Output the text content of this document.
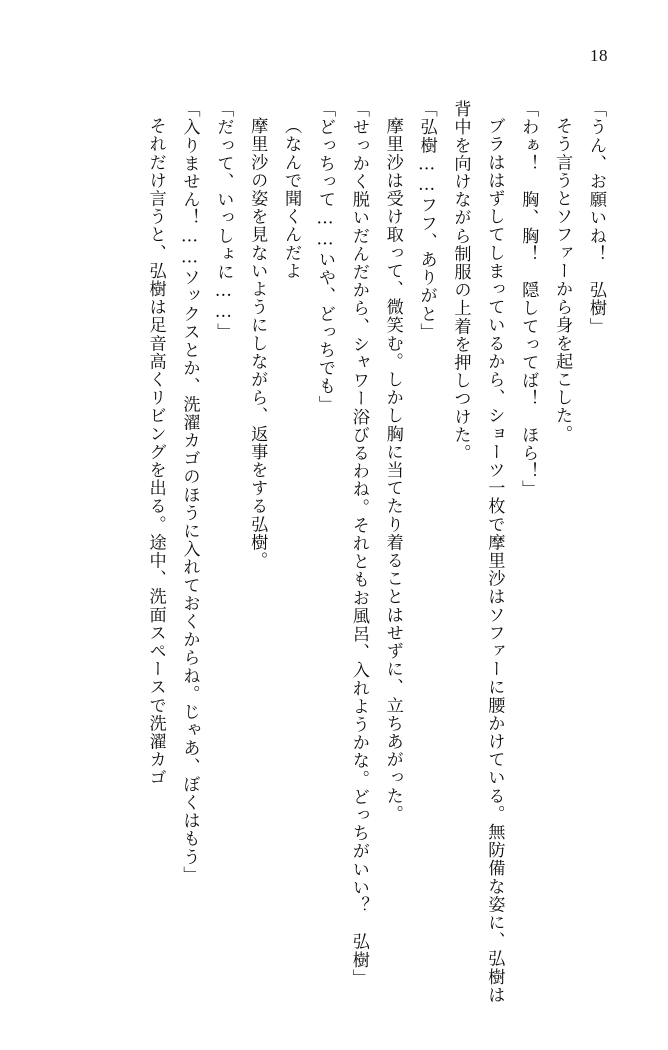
18

「うん、お願いね！　弘樹」

そう言うとソファーから身を起こした。

「わぁ！　胸、胸！　隠してってば！　ほら！」

ブラははずしてしまっているから、ショーツ一枚で摩里沙はソファーに腰かけている。無防備な姿に、弘樹は背中を向けながら制服の上着を押しつけた。

「弘樹……フフ、ありがと」

摩里沙は受け取って、微笑む。しかし胸に当てたり着ることはせずに、立ちあがった。

「せっかく脱いだんだから、シャワー浴びるわね。それともお風呂、入れようかな。どっちがいい？　弘樹」

「どっちって……いや、どっちでも」

（なんで聞くんだよ

摩里沙の姿を見ないようにしながら、返事をする弘樹。

「だって、いっしょに……」

「入りません！……ソックスとか、洗濯カゴのほうに入れておくからね。じゃあ、ぼくはもう」

それだけ言うと、弘樹は足音高くリビングを出る。途中、洗面スペースで洗濯カゴ
